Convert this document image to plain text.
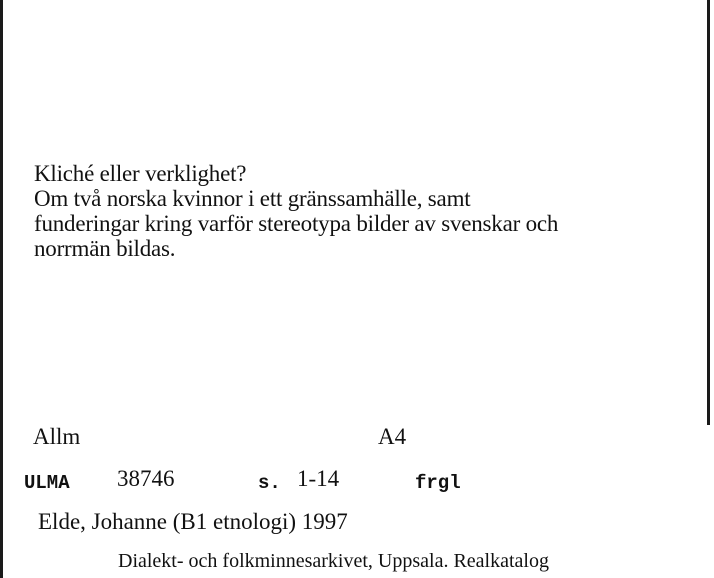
Kliché eller verklighet?
Om två norska kvinnor i ett gränssamhälle, samt
funderingar kring varför stereotypa bilder av svenskar och
norrmän bildas.
Allm	A4
ULMA 38746	s. 1-14	frgl
Elde, Johanne (B1 etnologi) 1997
Dialekt- och folkminnesarkivet, Uppsala. Realkatalog
